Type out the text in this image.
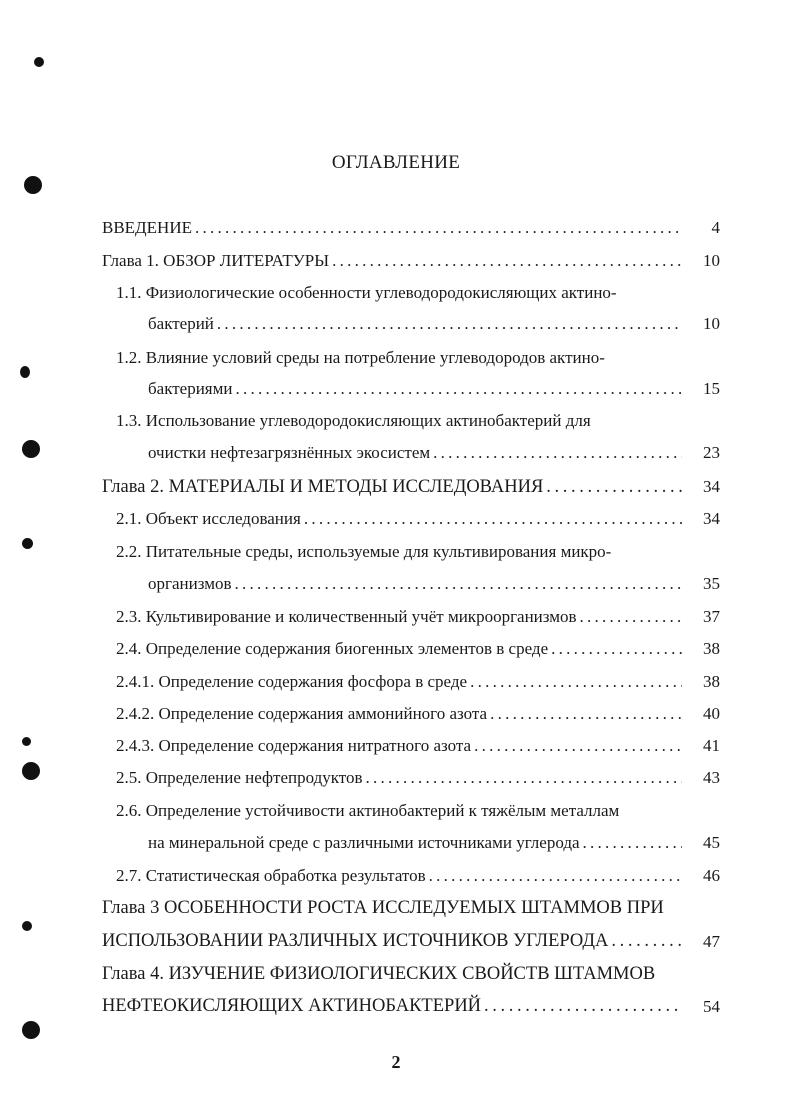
ОГЛАВЛЕНИЕ
ВВЕДЕНИЕ . . .	4
Глава 1. ОБЗОР ЛИТЕРАТУРЫ . . .	10
1.1. Физиологические особенности углеводородокисляющих актино-
бактерий . . .	10
1.2. Влияние условий среды на потребление углеводородов актино-
бактериями . . .	15
1.3. Использование углеводородокисляющих актинобактерий для
очистки нефтезагрязнённых экосистем . . .	23
Глава 2. МАТЕРИАЛЫ И МЕТОДЫ ИССЛЕДОВАНИЯ . . .	34
2.1. Объект исследования . . .	34
2.2. Питательные среды, используемые для культивирования микро-
организмов . . .	35
2.3. Культивирование и количественный учёт микроорганизмов . . .	37
2.4. Определение содержания биогенных элементов в среде . . .	38
2.4.1. Определение содержания фосфора в среде . . .	38
2.4.2. Определение содержания аммонийного азота . . .	40
2.4.3. Определение содержания нитратного азота . . .	41
2.5. Определение нефтепродуктов . . .	43
2.6. Определение устойчивости актинобактерий к тяжёлым металлам
на минеральной среде с различными источниками углерода . . .	45
2.7. Статистическая обработка результатов . . .	46
Глава 3 ОСОБЕННОСТИ РОСТА ИССЛЕДУЕМЫХ ШТАММОВ ПРИ
ИСПОЛЬЗОВАНИИ РАЗЛИЧНЫХ ИСТОЧНИКОВ УГЛЕРОДА . . .	47
Глава 4. ИЗУЧЕНИЕ ФИЗИОЛОГИЧЕСКИХ СВОЙСТВ ШТАММОВ
НЕФТЕОКИСЛЯЮЩИХ АКТИНОБАКТЕРИЙ . . .	54
2
